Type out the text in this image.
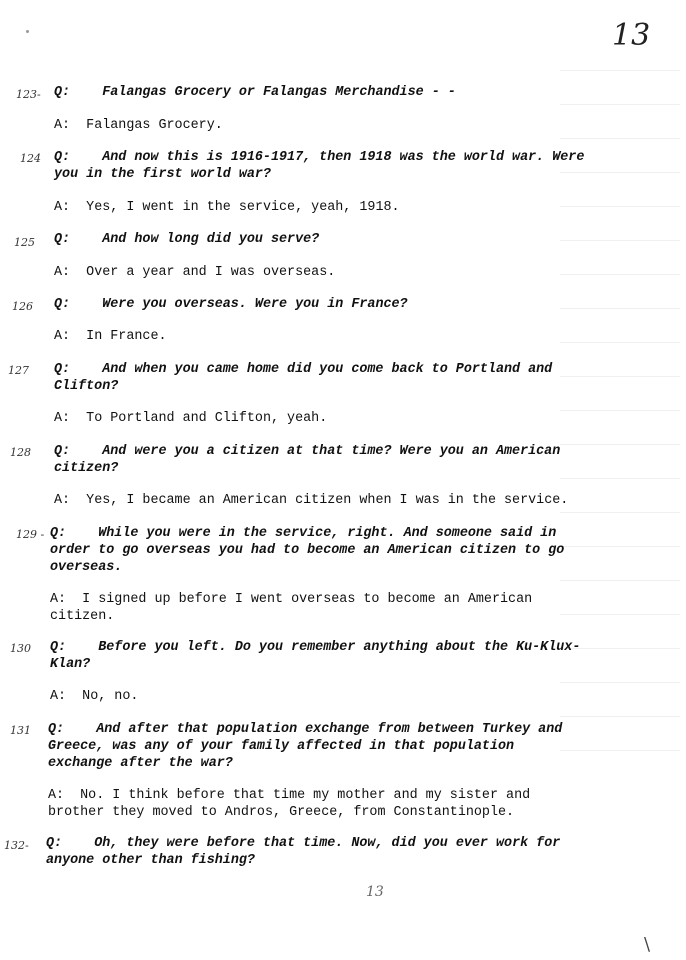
13
123- Q: Falangas Grocery or Falangas Merchandise - -
A: Falangas Grocery.
124 Q:    And now this is 1916-1917, then 1918 was the world war. Were
you in the first world war?
A: Yes, I went in the service, yeah, 1918.
125 Q: And how long did you serve?
A: Over a year and I was overseas.
126 Q: Were you overseas. Were you in France?
A: In France.
127 Q:    And when you came home did you come back to Portland and
Clifton?
A: To Portland and Clifton, yeah.
128 Q:    And were you a citizen at that time? Were you an American
citizen?
A: Yes, I became an American citizen when I was in the service.
129 - Q:    While you were in the service, right. And someone said in
order to go overseas you had to become an American citizen to go
overseas.
A:  I signed up before I went overseas to become an American
citizen.
130 Q:    Before you left. Do you remember anything about the Ku-Klux-
Klan?
A: No, no.
131 Q:    And after that population exchange from between Turkey and
Greece, was any of your family affected in that population
exchange after the war?
A:  No. I think before that time my mother and my sister and
brother they moved to Andros, Greece, from Constantinople.
132- Q:    Oh, they were before that time. Now, did you ever work for
anyone other than fishing?
13
\
